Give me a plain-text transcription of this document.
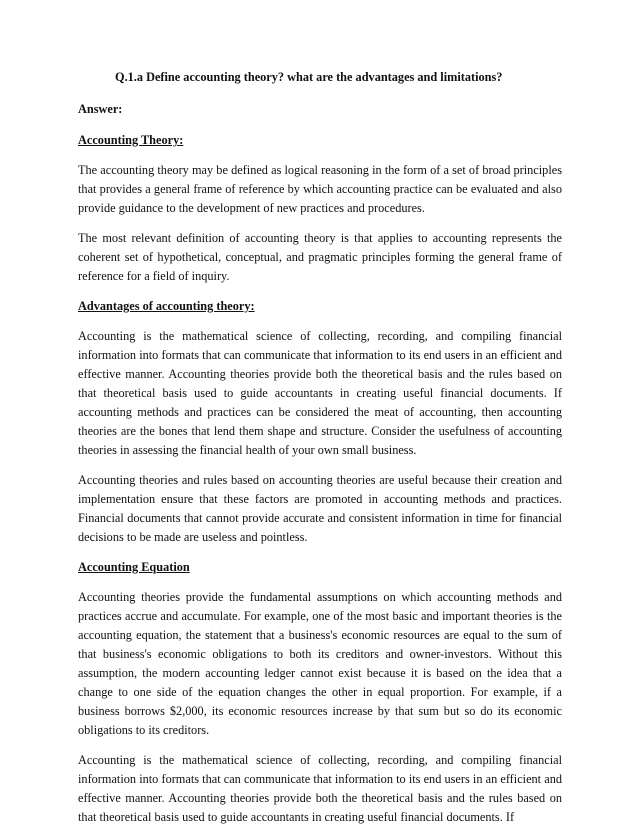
Q.1.a Define accounting theory? what are the advantages and limitations?
Answer:
Accounting Theory:

The accounting theory may be defined as logical reasoning in the form of a set of broad principles that provides a general frame of reference by which accounting practice can be evaluated and also provide guidance to the development of new practices and procedures.

The most relevant definition of accounting theory is that applies to accounting represents the coherent set of hypothetical, conceptual, and pragmatic principles forming the general frame of reference for a field of inquiry.

Advantages of accounting theory:

Accounting is the mathematical science of collecting, recording, and compiling financial information into formats that can communicate that information to its end users in an efficient and effective manner. Accounting theories provide both the theoretical basis and the rules based on that theoretical basis used to guide accountants in creating useful financial documents. If accounting methods and practices can be considered the meat of accounting, then accounting theories are the bones that lend them shape and structure. Consider the usefulness of accounting theories in assessing the financial health of your own small business.

Accounting theories and rules based on accounting theories are useful because their creation and implementation ensure that these factors are promoted in accounting methods and practices. Financial documents that cannot provide accurate and consistent information in time for financial decisions to be made are useless and pointless.

Accounting Equation

Accounting theories provide the fundamental assumptions on which accounting methods and practices accrue and accumulate. For example, one of the most basic and important theories is the accounting equation, the statement that a business's economic resources are equal to the sum of that business's economic obligations to both its creditors and owner-investors. Without this assumption, the modern accounting ledger cannot exist because it is based on the idea that a change to one side of the equation changes the other in equal proportion. For example, if a business borrows $2,000, its economic resources increase by that sum but so do its economic obligations to its creditors.

Accounting is the mathematical science of collecting, recording, and compiling financial information into formats that can communicate that information to its end users in an efficient and effective manner. Accounting theories provide both the theoretical basis and the rules based on that theoretical basis used to guide accountants in creating useful financial documents. If
